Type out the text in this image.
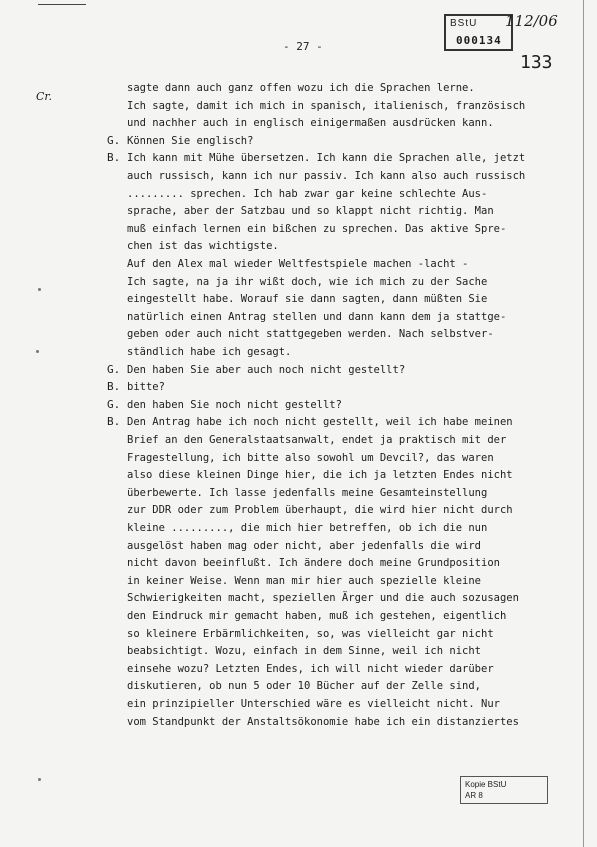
- 27 -
BStU
000134
112/06
133
Cr.
sagte dann auch ganz offen wozu ich die Sprachen lerne.
Ich sagte, damit ich mich in spanisch, italienisch, französisch
und nachher auch in englisch einigermaßen ausdrücken kann.
G. Können Sie englisch?
B. Ich kann mit Mühe übersetzen. Ich kann die Sprachen alle, jetzt
auch russisch, kann ich nur passiv. Ich kann also auch russisch
......... sprechen. Ich hab zwar gar keine schlechte Aus-
sprache, aber der Satzbau und so klappt nicht richtig. Man
muß einfach lernen ein bißchen zu sprechen. Das aktive Spre-
chen ist das wichtigste.
Auf den Alex mal wieder Weltfestspiele machen -lacht -
Ich sagte, na ja ihr wißt doch, wie ich mich zu der Sache
eingestellt habe. Worauf sie dann sagten, dann müßten Sie
natürlich einen Antrag stellen und dann kann dem ja stattge-
geben oder auch nicht stattgegeben werden. Nach selbstver-
ständlich habe ich gesagt.
G. Den haben Sie aber auch noch nicht gestellt?
B. bitte?
G. den haben Sie noch nicht gestellt?
B. Den Antrag habe ich noch nicht gestellt, weil ich habe meinen
Brief an den Generalstaatsanwalt, endet ja praktisch mit der
Fragestellung, ich bitte also sowohl um Devcil?, das waren
also diese kleinen Dinge hier, die ich ja letzten Endes nicht
überbewerte. Ich lasse jedenfalls meine Gesamteinstellung
zur DDR oder zum Problem überhaupt, die wird hier nicht durch
kleine ........., die mich hier betreffen, ob ich die nun
ausgelöst haben mag oder nicht, aber jedenfalls die wird
nicht davon beeinflußt. Ich ändere doch meine Grundposition
in keiner Weise. Wenn man mir hier auch spezielle kleine
Schwierigkeiten macht, speziellen Ärger und die auch sozusagen
den Eindruck mir gemacht haben, muß ich gestehen, eigentlich
so kleinere Erbärmlichkeiten, so, was vielleicht gar nicht
beabsichtigt. Wozu, einfach in dem Sinne, weil ich nicht
einsehe wozu? Letzten Endes, ich will nicht wieder darüber
diskutieren, ob nun 5 oder 10 Bücher auf der Zelle sind,
ein prinzipieller Unterschied wäre es vielleicht nicht. Nur
vom Standpunkt der Anstaltsökonomie habe ich ein distanziertes
Kopie BStU
AR 8
